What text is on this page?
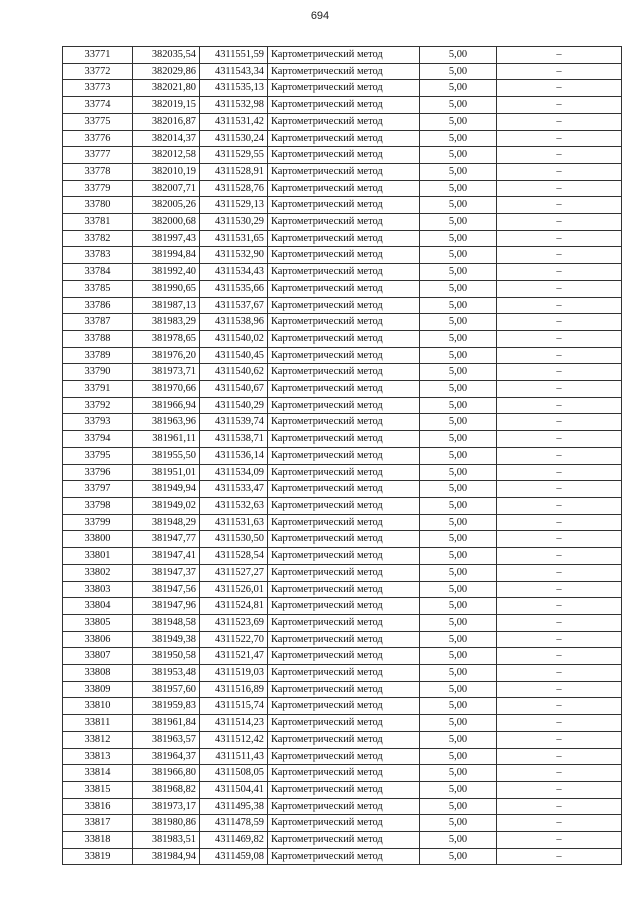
694
33771	382035,54	4311551,59	Картометрический метод	5,00	–
33772	382029,86	4311543,34	Картометрический метод	5,00	–
33773	382021,80	4311535,13	Картометрический метод	5,00	–
33774	382019,15	4311532,98	Картометрический метод	5,00	–
33775	382016,87	4311531,42	Картометрический метод	5,00	–
33776	382014,37	4311530,24	Картометрический метод	5,00	–
33777	382012,58	4311529,55	Картометрический метод	5,00	–
33778	382010,19	4311528,91	Картометрический метод	5,00	–
33779	382007,71	4311528,76	Картометрический метод	5,00	–
33780	382005,26	4311529,13	Картометрический метод	5,00	–
33781	382000,68	4311530,29	Картометрический метод	5,00	–
33782	381997,43	4311531,65	Картометрический метод	5,00	–
33783	381994,84	4311532,90	Картометрический метод	5,00	–
33784	381992,40	4311534,43	Картометрический метод	5,00	–
33785	381990,65	4311535,66	Картометрический метод	5,00	–
33786	381987,13	4311537,67	Картометрический метод	5,00	–
33787	381983,29	4311538,96	Картометрический метод	5,00	–
33788	381978,65	4311540,02	Картометрический метод	5,00	–
33789	381976,20	4311540,45	Картометрический метод	5,00	–
33790	381973,71	4311540,62	Картометрический метод	5,00	–
33791	381970,66	4311540,67	Картометрический метод	5,00	–
33792	381966,94	4311540,29	Картометрический метод	5,00	–
33793	381963,96	4311539,74	Картометрический метод	5,00	–
33794	381961,11	4311538,71	Картометрический метод	5,00	–
33795	381955,50	4311536,14	Картометрический метод	5,00	–
33796	381951,01	4311534,09	Картометрический метод	5,00	–
33797	381949,94	4311533,47	Картометрический метод	5,00	–
33798	381949,02	4311532,63	Картометрический метод	5,00	–
33799	381948,29	4311531,63	Картометрический метод	5,00	–
33800	381947,77	4311530,50	Картометрический метод	5,00	–
33801	381947,41	4311528,54	Картометрический метод	5,00	–
33802	381947,37	4311527,27	Картометрический метод	5,00	–
33803	381947,56	4311526,01	Картометрический метод	5,00	–
33804	381947,96	4311524,81	Картометрический метод	5,00	–
33805	381948,58	4311523,69	Картометрический метод	5,00	–
33806	381949,38	4311522,70	Картометрический метод	5,00	–
33807	381950,58	4311521,47	Картометрический метод	5,00	–
33808	381953,48	4311519,03	Картометрический метод	5,00	–
33809	381957,60	4311516,89	Картометрический метод	5,00	–
33810	381959,83	4311515,74	Картометрический метод	5,00	–
33811	381961,84	4311514,23	Картометрический метод	5,00	–
33812	381963,57	4311512,42	Картометрический метод	5,00	–
33813	381964,37	4311511,43	Картометрический метод	5,00	–
33814	381966,80	4311508,05	Картометрический метод	5,00	–
33815	381968,82	4311504,41	Картометрический метод	5,00	–
33816	381973,17	4311495,38	Картометрический метод	5,00	–
33817	381980,86	4311478,59	Картометрический метод	5,00	–
33818	381983,51	4311469,82	Картометрический метод	5,00	–
33819	381984,94	4311459,08	Картометрический метод	5,00	–
